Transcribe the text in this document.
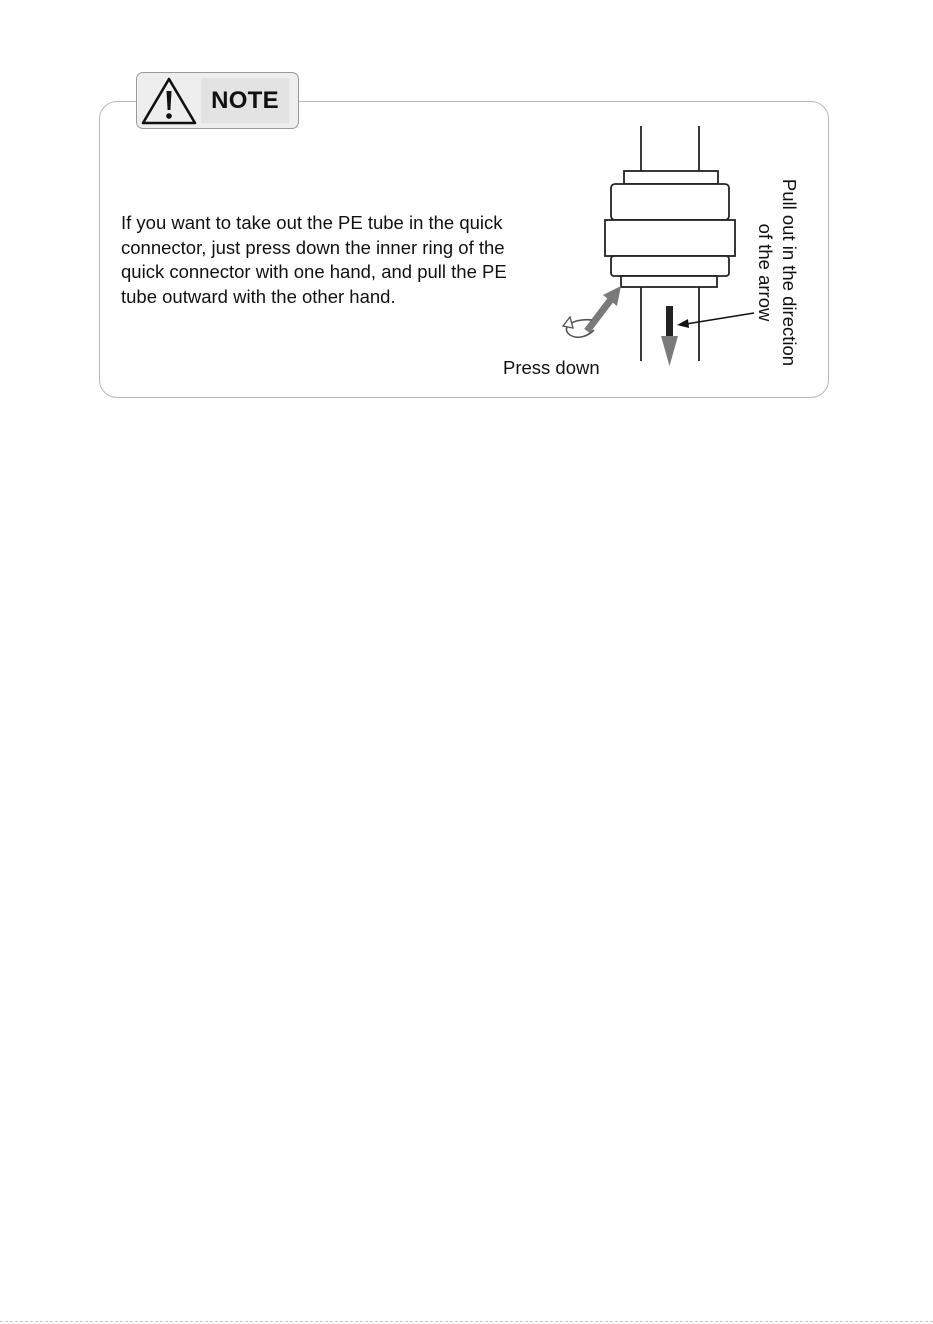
NOTE

If you want to take out the PE tube in the quick

connector, just press down the inner ring of the

quick connector with one hand, and pull the PE

tube outward with the other hand.

Press down
Pull out in the direction
of the arrow
